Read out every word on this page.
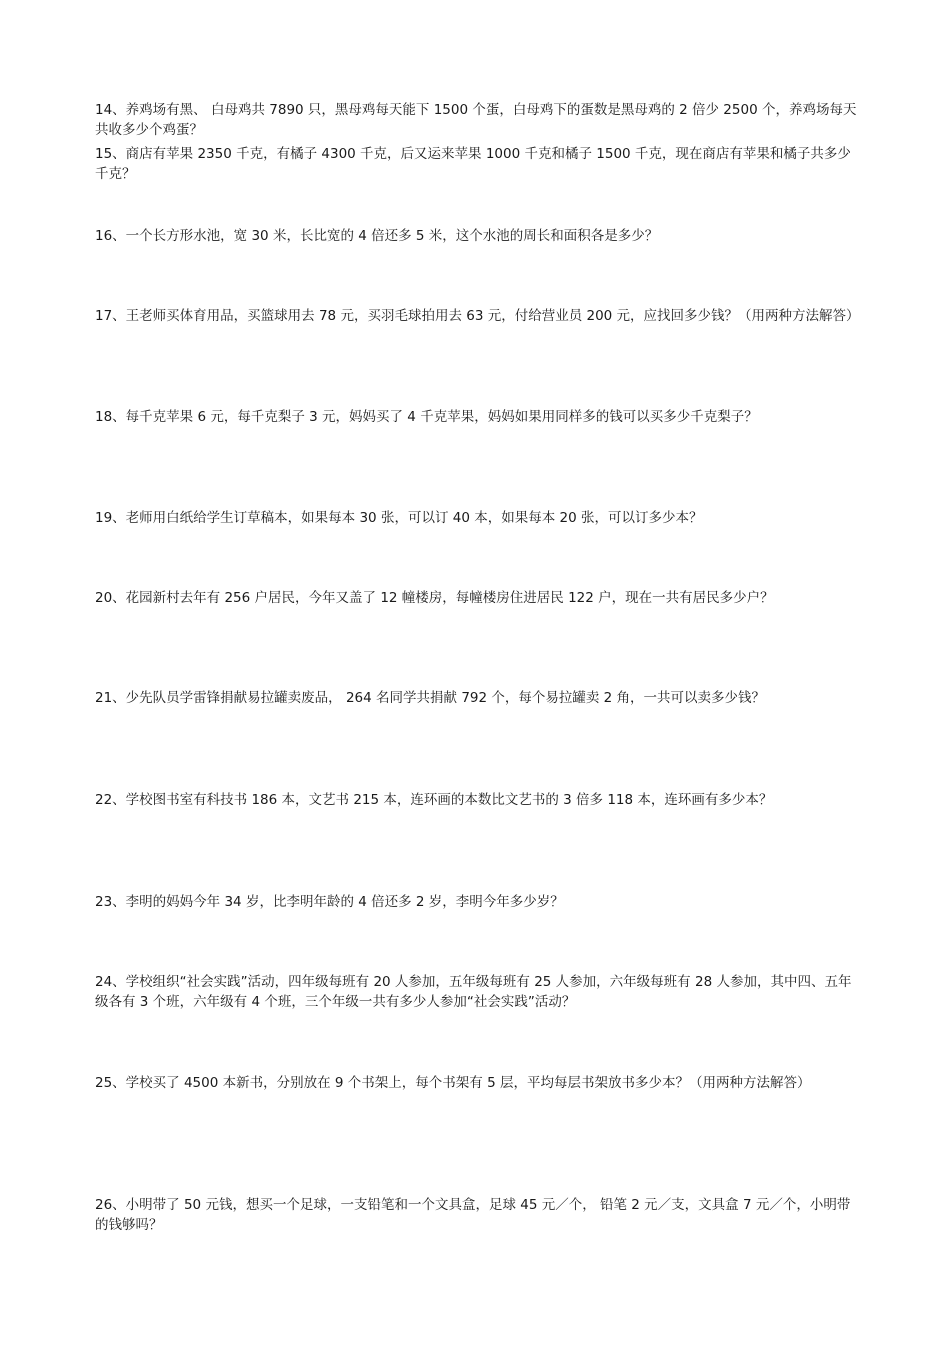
14、养鸡场有黑、 白母鸡共 7890 只，黑母鸡每天能下 1500 个蛋，白母鸡下的蛋数是黑母鸡的 2 倍少 2500 个，养鸡场每天共收多少个鸡蛋？
15、商店有苹果 2350 千克，有橘子 4300 千克，后又运来苹果 1000 千克和橘子 1500 千克，现在商店有苹果和橘子共多少千克？
16、一个长方形水池，宽 30 米，长比宽的 4 倍还多 5 米，这个水池的周长和面积各是多少？
17、王老师买体育用品，买篮球用去 78 元，买羽毛球拍用去 63 元，付给营业员 200 元，应找回多少钱？（用两种方法解答）
18、每千克苹果 6 元，每千克梨子 3 元，妈妈买了 4 千克苹果，妈妈如果用同样多的钱可以买多少千克梨子？
19、老师用白纸给学生订草稿本，如果每本 30 张，可以订 40 本，如果每本 20 张，可以订多少本？
20、花园新村去年有 256 户居民，今年又盖了 12 幢楼房，每幢楼房住进居民 122 户，现在一共有居民多少户？
21、少先队员学雷锋捐献易拉罐卖废品， 264 名同学共捐献 792 个，每个易拉罐卖 2 角，一共可以卖多少钱？
22、学校图书室有科技书 186 本，文艺书 215 本，连环画的本数比文艺书的 3 倍多 118 本，连环画有多少本？
23、李明的妈妈今年 34 岁，比李明年龄的 4 倍还多 2 岁，李明今年多少岁？
24、学校组织“社会实践”活动，四年级每班有 20 人参加，五年级每班有 25 人参加，六年级每班有 28 人参加，其中四、五年级各有 3 个班，六年级有 4 个班，三个年级一共有多少人参加“社会实践”活动？
25、学校买了 4500 本新书，分别放在 9 个书架上，每个书架有 5 层，平均每层书架放书多少本？（用两种方法解答）
26、小明带了 50 元钱，想买一个足球，一支铅笔和一个文具盒，足球 45 元／个， 铅笔 2 元／支，文具盒 7 元／个，小明带的钱够吗？
